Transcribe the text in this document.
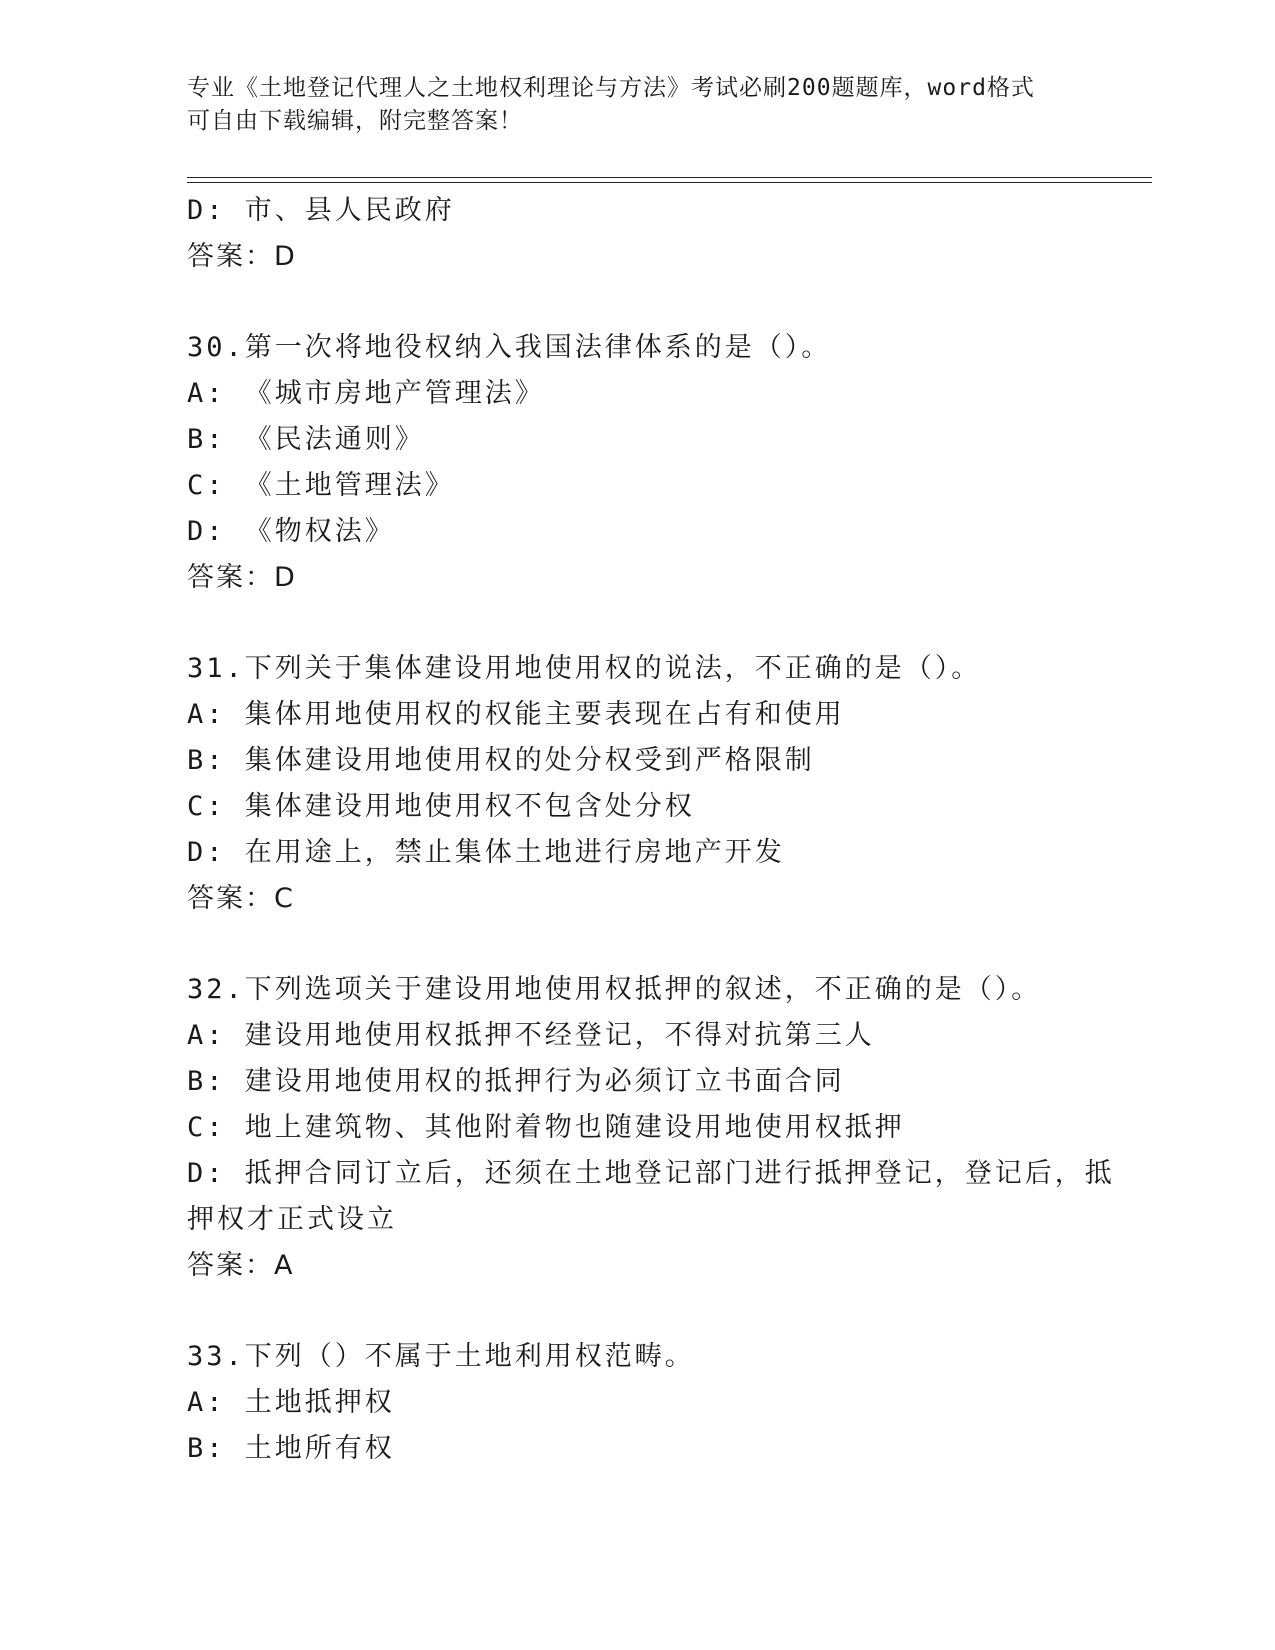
专业《土地登记代理人之土地权利理论与方法》考试必刷200题题库，word格式
可自由下载编辑，附完整答案！
D: 市、县人民政府
答案：D
30.第一次将地役权纳入我国法律体系的是（）。
A: 《城市房地产管理法》
B: 《民法通则》
C: 《土地管理法》
D: 《物权法》
答案：D
31.下列关于集体建设用地使用权的说法，不正确的是（）。
A: 集体用地使用权的权能主要表现在占有和使用
B: 集体建设用地使用权的处分权受到严格限制
C: 集体建设用地使用权不包含处分权
D: 在用途上，禁止集体土地进行房地产开发
答案：C
32.下列选项关于建设用地使用权抵押的叙述，不正确的是（）。
A: 建设用地使用权抵押不经登记，不得对抗第三人
B: 建设用地使用权的抵押行为必须订立书面合同
C: 地上建筑物、其他附着物也随建设用地使用权抵押
D: 抵押合同订立后，还须在土地登记部门进行抵押登记，登记后，抵
押权才正式设立
答案：A
33.下列（）不属于土地利用权范畴。
A: 土地抵押权
B: 土地所有权
